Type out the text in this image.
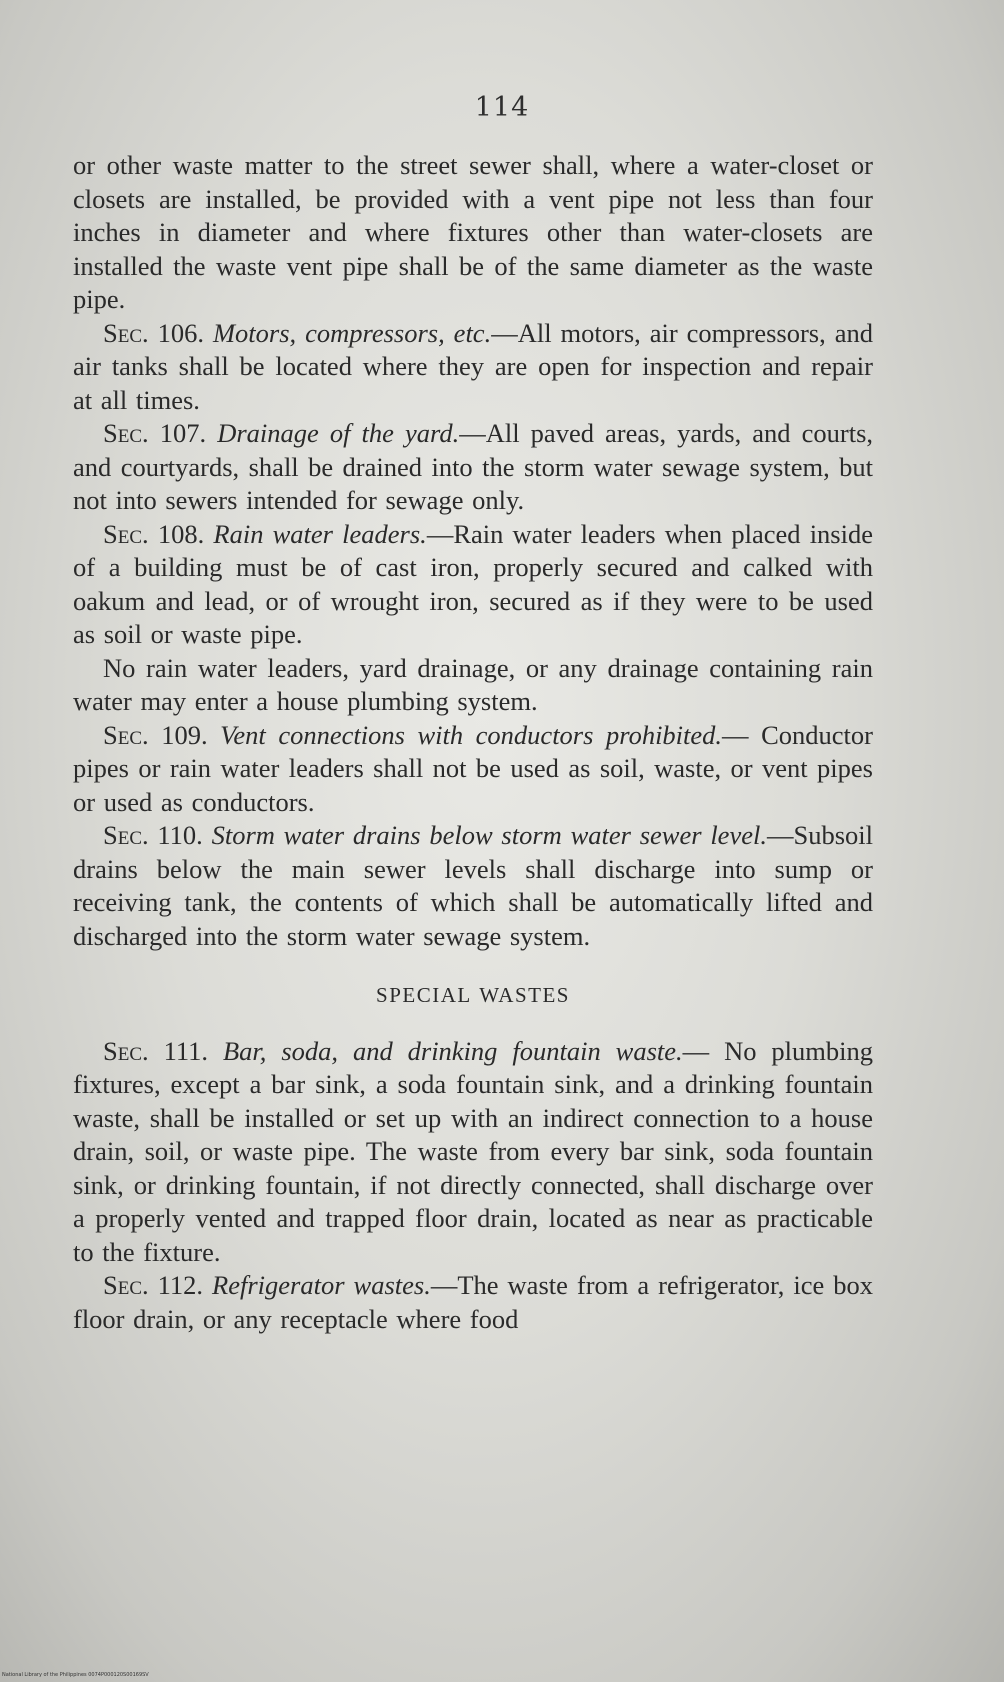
114

or other waste matter to the street sewer shall, where a water-closet or closets are installed, be provided with a vent pipe not less than four inches in diameter and where fixtures other than water-closets are installed the waste vent pipe shall be of the same diameter as the waste pipe.

Sec. 106. Motors, compressors, etc.—All motors, air compressors, and air tanks shall be located where they are open for inspection and repair at all times.

Sec. 107. Drainage of the yard.—All paved areas, yards, and courts, and courtyards, shall be drained into the storm water sewage system, but not into sewers intended for sewage only.

Sec. 108. Rain water leaders.—Rain water leaders when placed inside of a building must be of cast iron, properly secured and calked with oakum and lead, or of wrought iron, secured as if they were to be used as soil or waste pipe.

No rain water leaders, yard drainage, or any drainage containing rain water may enter a house plumbing system.

Sec. 109. Vent connections with conductors prohibited.— Conductor pipes or rain water leaders shall not be used as soil, waste, or vent pipes or used as conductors.

Sec. 110. Storm water drains below storm water sewer level.—Subsoil drains below the main sewer levels shall discharge into sump or receiving tank, the contents of which shall be automatically lifted and discharged into the storm water sewage system.

SPECIAL WASTES

Sec. 111. Bar, soda, and drinking fountain waste.— No plumbing fixtures, except a bar sink, a soda fountain sink, and a drinking fountain waste, shall be installed or set up with an indirect connection to a house drain, soil, or waste pipe. The waste from every bar sink, soda fountain sink, or drinking fountain, if not directly connected, shall discharge over a properly vented and trapped floor drain, located as near as practicable to the fixture.

Sec. 112. Refrigerator wastes.—The waste from a refrigerator, ice box floor drain, or any receptacle where food

National Library of the Philippines 0074P000120S00169SV
